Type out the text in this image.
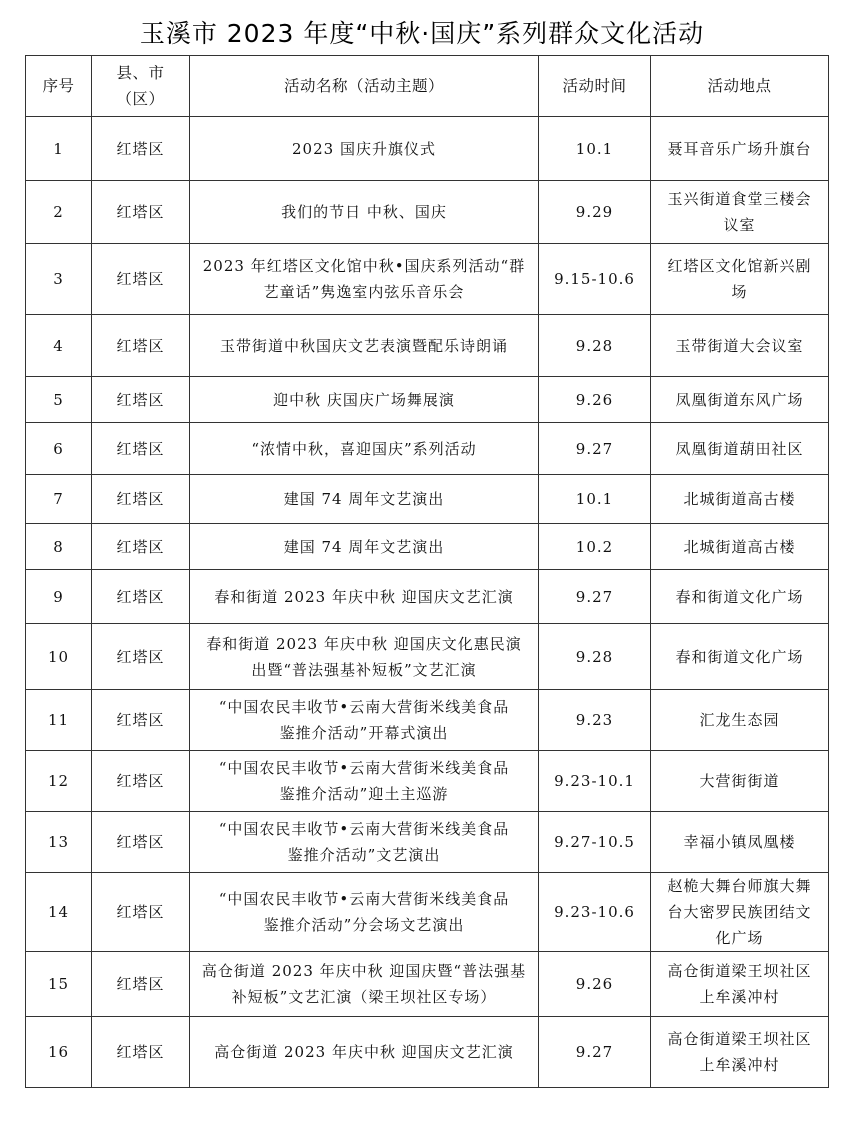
玉溪市 2023 年度“中秋·国庆”系列群众文化活动
序号	县、市（区）	活动名称（活动主题）	活动时间	活动地点

1	红塔区	2023 国庆升旗仪式	10.1	聂耳音乐广场升旗台

2	红塔区	我们的节日 中秋、国庆	9.29	玉兴街道食堂三楼会议室

3	红塔区	2023 年红塔区文化馆中秋•国庆系列活动“群艺童话”隽逸室内弦乐音乐会	9.15-10.6	红塔区文化馆新兴剧场

4	红塔区	玉带街道中秋国庆文艺表演暨配乐诗朗诵	9.28	玉带街道大会议室

5	红塔区	迎中秋 庆国庆广场舞展演	9.26	凤凰街道东风广场

6	红塔区	“浓情中秋，喜迎国庆”系列活动	9.27	凤凰街道葫田社区

7	红塔区	建国 74 周年文艺演出	10.1	北城街道高古楼

8	红塔区	建国 74 周年文艺演出	10.2	北城街道高古楼

9	红塔区	春和街道 2023 年庆中秋 迎国庆文艺汇演	9.27	春和街道文化广场

10	红塔区	春和街道 2023 年庆中秋 迎国庆文化惠民演出暨“普法强基补短板”文艺汇演	9.28	春和街道文化广场

11	红塔区	“中国农民丰收节•云南大营街米线美食品鉴推介活动”开幕式演出	9.23	汇龙生态园

12	红塔区	“中国农民丰收节•云南大营街米线美食品鉴推介活动”迎土主巡游	9.23-10.1	大营街街道

13	红塔区	“中国农民丰收节•云南大营街米线美食品鉴推介活动”文艺演出	9.27-10.5	幸福小镇凤凰楼

14	红塔区	“中国农民丰收节•云南大营街米线美食品鉴推介活动”分会场文艺演出	9.23-10.6	赵桅大舞台师旗大舞台大密罗民族团结文化广场

15	红塔区	高仓街道 2023 年庆中秋 迎国庆暨“普法强基补短板”文艺汇演（梁王坝社区专场）	9.26	高仓街道梁王坝社区上牟溪冲村

16	红塔区	高仓街道 2023 年庆中秋 迎国庆文艺汇演	9.27	高仓街道梁王坝社区上牟溪冲村
